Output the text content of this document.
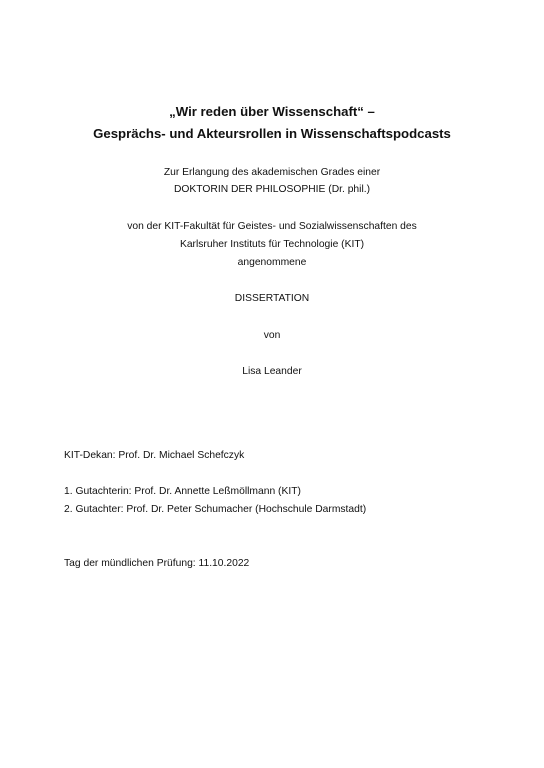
„Wir reden über Wissenschaft“ –
Gesprächs- und Akteursrollen in Wissenschaftspodcasts
Zur Erlangung des akademischen Grades einer
DOKTORIN DER PHILOSOPHIE (Dr. phil.)
von der KIT-Fakultät für Geistes- und Sozialwissenschaften des
Karlsruher Instituts für Technologie (KIT)
angenommene
DISSERTATION
von
Lisa Leander
KIT-Dekan: Prof. Dr. Michael Schefczyk
1. Gutachterin: Prof. Dr. Annette Leßmöllmann (KIT)
2. Gutachter: Prof. Dr. Peter Schumacher (Hochschule Darmstadt)
Tag der mündlichen Prüfung: 11.10.2022
